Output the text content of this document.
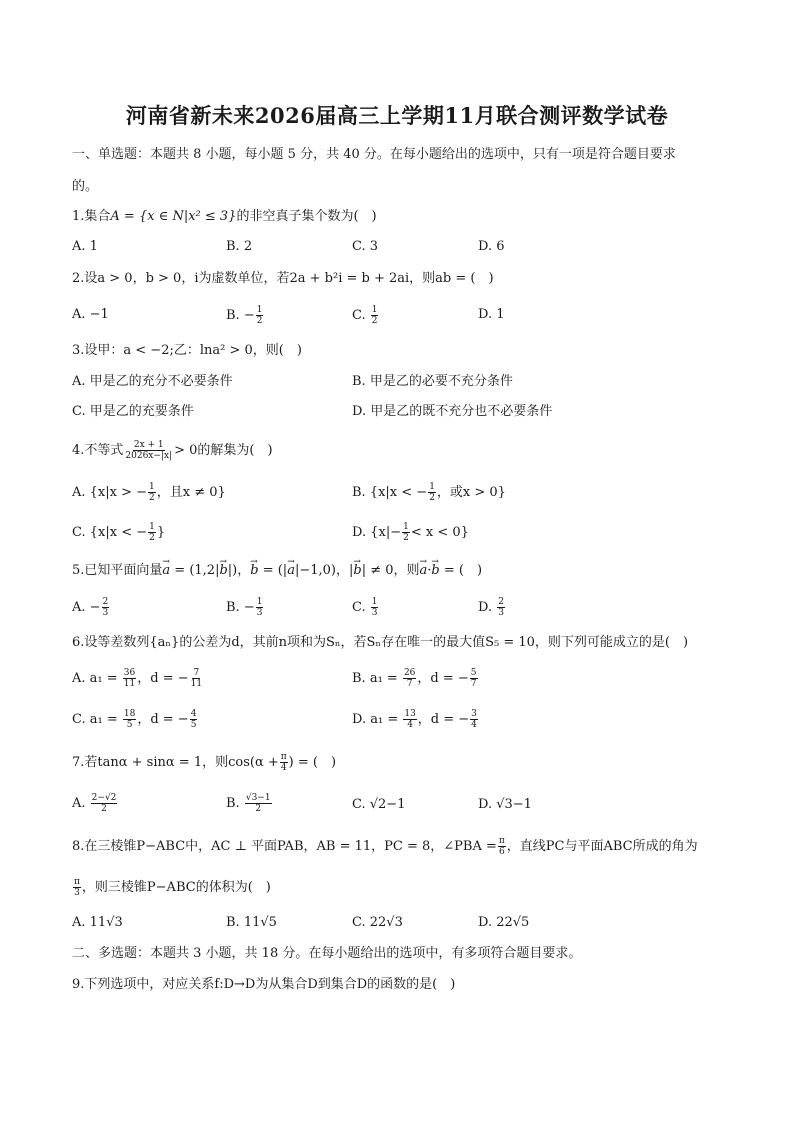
河南省新未来2026届高三上学期11月联合测评数学试卷
一、单选题：本题共 8 小题，每小题 5 分，共 40 分。在每小题给出的选项中，只有一项是符合题目要求
的。
1.集合A = {x ∈ N|x² ≤ 3}的非空真子集个数为(　)
A. 1	B. 2	C. 3	D. 6
2.设a > 0，b > 0，i为虚数单位，若2a + b²i = b + 2ai，则ab = (　)
A. −1	B. − $\frac{1}{2}$	C. $\frac{1}{2}$	D. 1
3.设甲：a < −2;乙：lna² > 0，则(　)
A. 甲是乙的充分不必要条件	B. 甲是乙的必要不充分条件
C. 甲是乙的充要条件	D. 甲是乙的既不充分也不必要条件
4.不等式 $\frac{2x + 1}{2026x-|x|} > 0$的解集为(　)
A. {x|x > − $\frac{1}{2}$ ，且x ≠ 0}	B. {x|x < − $\frac{1}{2}$ ，或x > 0}
C. {x|x < − $\frac{1}{2}$ }	D. $\{x|- \frac{1}{2} < x < 0\}$
5.已知平面向量→ a = (1,2|→ b|)，→ b = (|→ a|−1,0)，|→ b| ≠ 0，则→ a·→ b = (　)
A. − $\frac{2}{3}$	B. − $\frac{1}{3}$	C. $\frac{1}{3}$	D. $\frac{2}{3}$
6.设等差数列{aₙ}的公差为d，其前n项和为Sₙ，若Sₙ存在唯一的最大值S₅ = 10，则下列可能成立的是(　)
A. $a_1 = \frac{36}{11}$ ，d = − $\frac{7}{11}$	B. $a_1 = \frac{26}{7}$ ，d = − $\frac{5}{7}$
C. $a_1 = \frac{18}{5}$ ，d = − $\frac{4}{5}$	D. $a_1 = \frac{13}{4}$ ，d = − $\frac{3}{4}$
7.若tanα + sinα = 1，则$\cos(\alpha + \frac{\pi}{4}$ ) = (　)
A. $\frac{2-√2}{2}$	B. $\frac{√3-1}{2}$	C. √2−1	D. √3−1
8.在三棱锥P−ABC中，AC ⊥ 平面PAB，AB = 11，PC = 8，∠PBA = $\frac{\pi}{6}$ ，直线PC与平面ABC所成的角为
$\frac{\pi}{3}$ ，则三棱锥P−ABC的体积为(　)
A. 11√3	B. 11√5	C. 22√3	D. 22√5
二、多选题：本题共 3 小题，共 18 分。在每小题给出的选项中，有多项符合题目要求。
9.下列选项中，对应关系f:D→D为从集合D到集合D的函数的是(　)
